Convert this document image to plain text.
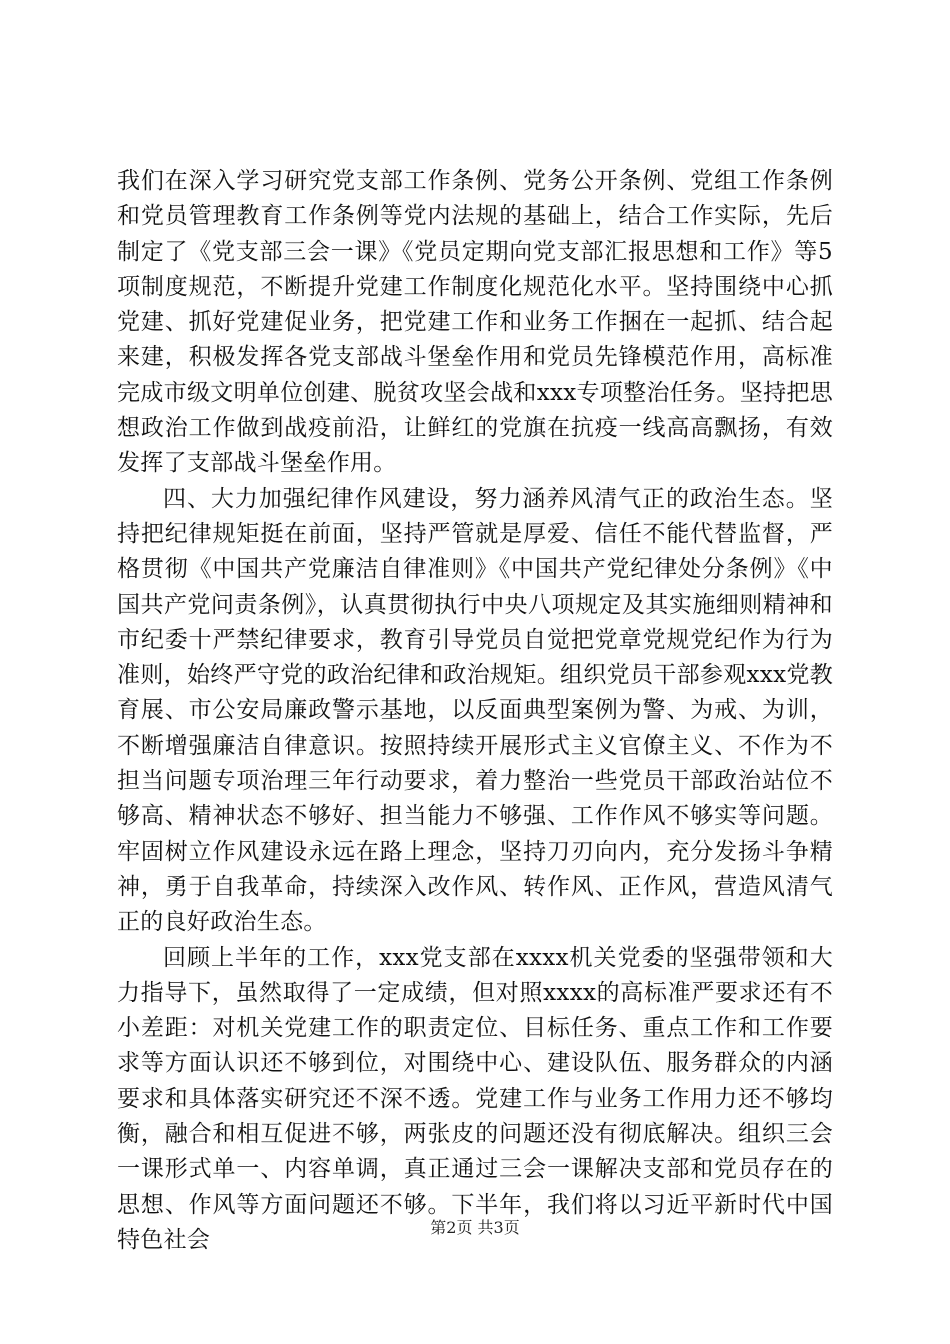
我们在深入学习研究党支部工作条例、党务公开条例、党组工作条例和党员管理教育工作条例等党内法规的基础上，结合工作实际，先后制定了《党支部三会一课》《党员定期向党支部汇报思想和工作》等5项制度规范，不断提升党建工作制度化规范化水平。坚持围绕中心抓党建、抓好党建促业务，把党建工作和业务工作捆在一起抓、结合起来建，积极发挥各党支部战斗堡垒作用和党员先锋模范作用，高标准完成市级文明单位创建、脱贫攻坚会战和xxx专项整治任务。坚持把思想政治工作做到战疫前沿，让鲜红的党旗在抗疫一线高高飘扬，有效发挥了支部战斗堡垒作用。

四、大力加强纪律作风建设，努力涵养风清气正的政治生态。坚持把纪律规矩挺在前面，坚持严管就是厚爱、信任不能代替监督，严格贯彻《中国共产党廉洁自律准则》《中国共产党纪律处分条例》《中国共产党问责条例》，认真贯彻执行中央八项规定及其实施细则精神和市纪委十严禁纪律要求，教育引导党员自觉把党章党规党纪作为行为准则，始终严守党的政治纪律和政治规矩。组织党员干部参观xxx党教育展、市公安局廉政警示基地，以反面典型案例为警、为戒、为训，不断增强廉洁自律意识。按照持续开展形式主义官僚主义、不作为不担当问题专项治理三年行动要求，着力整治一些党员干部政治站位不够高、精神状态不够好、担当能力不够强、工作作风不够实等问题。牢固树立作风建设永远在路上理念，坚持刀刃向内，充分发扬斗争精神，勇于自我革命，持续深入改作风、转作风、正作风，营造风清气正的良好政治生态。

回顾上半年的工作，xxx党支部在xxxx机关党委的坚强带领和大力指导下，虽然取得了一定成绩，但对照xxxx的高标准严要求还有不小差距：对机关党建工作的职责定位、目标任务、重点工作和工作要求等方面认识还不够到位，对围绕中心、建设队伍、服务群众的内涵要求和具体落实研究还不深不透。党建工作与业务工作用力还不够均衡，融合和相互促进不够，两张皮的问题还没有彻底解决。组织三会一课形式单一、内容单调，真正通过三会一课解决支部和党员存在的思想、作风等方面问题还不够。下半年，我们将以习近平新时代中国特色社会	第2页 共3页
